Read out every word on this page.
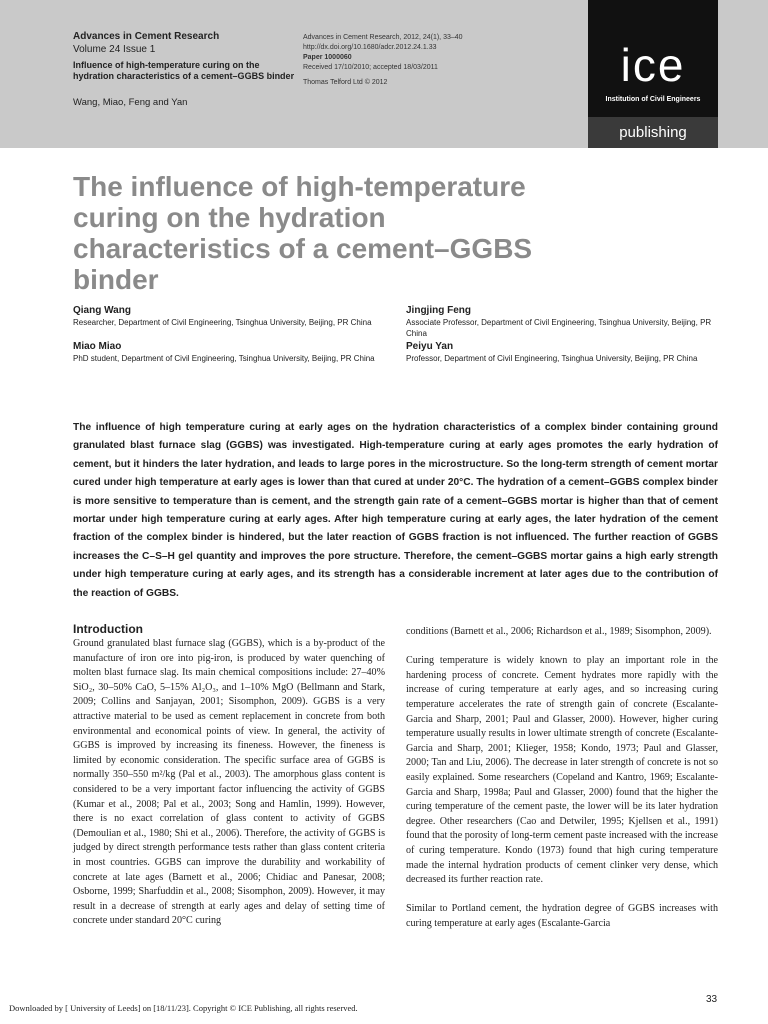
Advances in Cement Research
Volume 24 Issue 1
Influence of high-temperature curing on the hydration characteristics of a cement–GGBS binder
Wang, Miao, Feng and Yan
Advances in Cement Research, 2012, 24(1), 33–40
http://dx.doi.org/10.1680/adcr.2012.24.1.33
Paper 1000060
Received 17/10/2010; accepted 18/03/2011
Thomas Telford Ltd © 2012	ice
Institution of Civil Engineers
publishing
The influence of high-temperature curing on the hydration characteristics of a cement–GGBS binder
Qiang Wang
Researcher, Department of Civil Engineering, Tsinghua University, Beijing, PR China
Miao Miao
PhD student, Department of Civil Engineering, Tsinghua University, Beijing, PR China
Jingjing Feng
Associate Professor, Department of Civil Engineering, Tsinghua University, Beijing, PR China
Peiyu Yan
Professor, Department of Civil Engineering, Tsinghua University, Beijing, PR China
The influence of high temperature curing at early ages on the hydration characteristics of a complex binder containing ground granulated blast furnace slag (GGBS) was investigated. High-temperature curing at early ages promotes the early hydration of cement, but it hinders the later hydration, and leads to large pores in the microstructure. So the long-term strength of cement mortar cured under high temperature at early ages is lower than that cured at under 20°C. The hydration of a cement–GGBS complex binder is more sensitive to temperature than is cement, and the strength gain rate of a cement–GGBS mortar is higher than that of cement mortar under high temperature curing at early ages. After high temperature curing at early ages, the later hydration of the cement fraction of the complex binder is hindered, but the later reaction of GGBS fraction is not influenced. The further reaction of GGBS increases the C–S–H gel quantity and improves the pore structure. Therefore, the cement–GGBS mortar gains a high early strength under high temperature curing at early ages, and its strength has a considerable increment at later ages due to the contribution of the reaction of GGBS.
Introduction

Ground granulated blast furnace slag (GGBS), which is a by-product of the manufacture of iron ore into pig-iron, is produced by water quenching of molten blast furnace slag. Its main chemical compositions include: 27–40% SiO₂, 30–50% CaO, 5–15% Al₂O₃, and 1–10% MgO (Bellmann and Stark, 2009; Collins and Sanjayan, 2001; Sisomphon, 2009). GGBS is a very attractive material to be used as cement replacement in concrete from both environmental and economical points of view. In general, the activity of GGBS is improved by increasing its fineness. However, the fineness is limited by economic consideration. The specific surface area of GGBS is normally 350–550 m²/kg (Pal et al., 2003). The amorphous glass content is considered to be a very important factor influencing the activity of GGBS (Kumar et al., 2008; Pal et al., 2003; Song and Hamlin, 1999). However, there is no exact correlation of glass content to activity of GGBS (Demoulian et al., 1980; Shi et al., 2006). Therefore, the activity of GGBS is judged by direct strength performance tests rather than glass content criteria in most countries. GGBS can improve the durability and workability of concrete at late ages (Barnett et al., 2006; Chidiac and Panesar, 2008; Osborne, 1999; Sharfuddin et al., 2008; Sisomphon, 2009). However, it may result in a decrease of strength at early ages and delay of setting time of concrete under standard 20°C curing

conditions (Barnett et al., 2006; Richardson et al., 1989; Sisomphon, 2009).

Curing temperature is widely known to play an important role in the hardening process of concrete. Cement hydrates more rapidly with the increase of curing temperature at early ages, and so increasing curing temperature accelerates the rate of strength gain of concrete (Escalante-Garcia and Sharp, 2001; Paul and Glasser, 2000). However, higher curing temperature usually results in lower ultimate strength of concrete (Escalante-Garcia and Sharp, 2001; Klieger, 1958; Kondo, 1973; Paul and Glasser, 2000; Tan and Liu, 2006). The decrease in later strength of concrete is not so easily explained. Some researchers (Copeland and Kantro, 1969; Escalante-Garcia and Sharp, 1998a; Paul and Glasser, 2000) found that the higher the curing temperature of the cement paste, the lower will be its later hydration degree. Other researchers (Cao and Detwiler, 1995; Kjellsen et al., 1991) found that the porosity of long-term cement paste increased with the increase of curing temperature. Kondo (1973) found that high curing temperature made the internal hydration products of cement clinker very dense, which decreased its further reaction rate.

Similar to Portland cement, the hydration degree of GGBS increases with curing temperature at early ages (Escalante-Garcia

Downloaded by [ University of Leeds] on [18/11/23]. Copyright © ICE Publishing, all rights reserved.
33
